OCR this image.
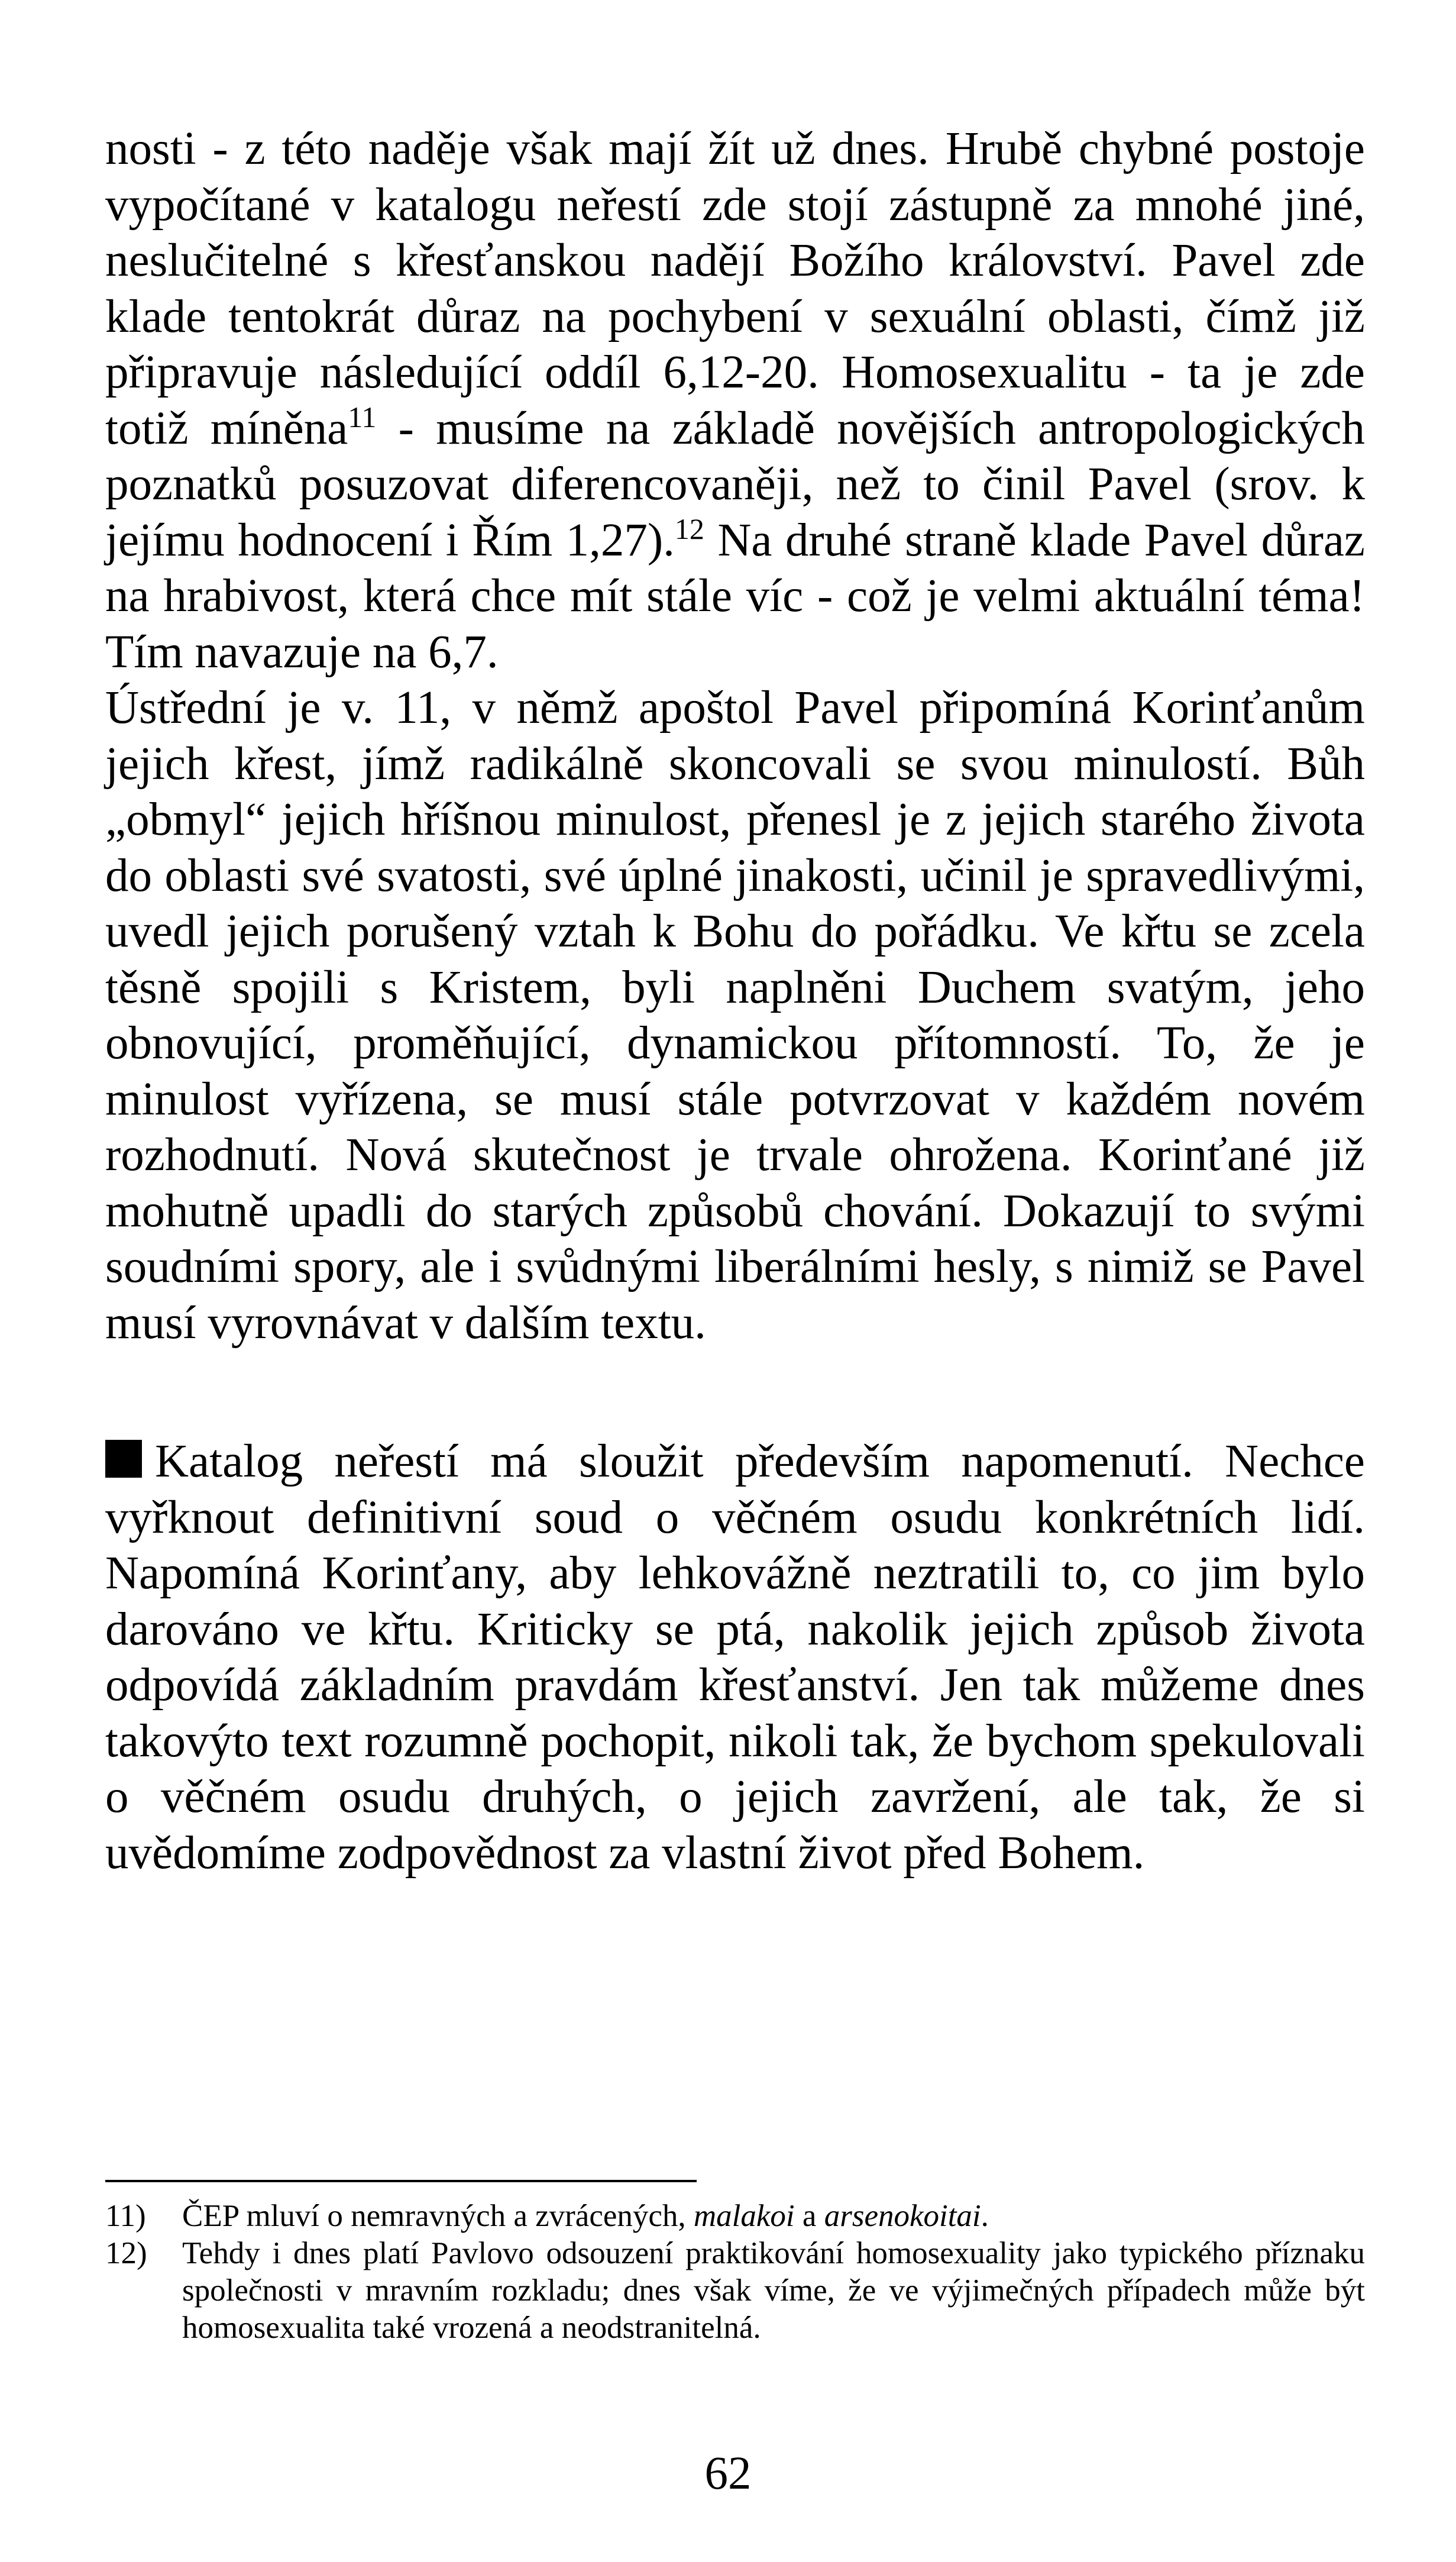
nosti - z této naděje však mají žít už dnes. Hrubě chybné postoje vypočítané v katalogu neřestí zde stojí zástupně za mnohé jiné, neslučitelné s křesťanskou nadějí Božího království. Pavel zde klade tentokrát důraz na pochybení v sexuální oblasti, čímž již připravuje následující oddíl 6,12-20. Homosexualitu - ta je zde totiž míněna$^{11}$ - musíme na základě novějších antropologických poznatků posuzovat diferencovaněji, než to činil Pavel (srov. k jejímu hodnocení i Řím 1,27).$^{12}$ Na druhé straně klade Pavel důraz na hrabivost, která chce mít stále víc - což je velmi aktuální téma! Tím navazuje na 6,7.

Ústřední je v. 11, v němž apoštol Pavel připomíná Korinťanům jejich křest, jímž radikálně skoncovali se svou minulostí. Bůh „obmyl“ jejich hříšnou minulost, přenesl je z jejich starého života do oblasti své svatosti, své úplné jinakosti, učinil je spravedlivými, uvedl jejich porušený vztah k Bohu do pořádku. Ve křtu se zcela těsně spojili s Kristem, byli naplněni Duchem svatým, jeho obnovující, proměňující, dynamickou přítomností. To, že je minulost vyřízena, se musí stále potvrzovat v každém novém rozhodnutí. Nová skutečnost je trvale ohrožena. Korinťané již mohutně upadli do starých způsobů chování. Dokazují to svými soudními spory, ale i svůdnými liberálními hesly, s nimiž se Pavel musí vyrovnávat v dalším textu.

Katalog neřestí má sloužit především napomenutí. Nechce vyřknout definitivní soud o věčném osudu konkrétních lidí. Napomíná Korinťany, aby lehkovážně neztratili to, co jim bylo darováno ve křtu. Kriticky se ptá, nakolik jejich způsob života odpovídá základním pravdám křesťanství. Jen tak můžeme dnes takovýto text rozumně pochopit, nikoli tak, že bychom spekulovali o věčném osudu druhých, o jejich zavržení, ale tak, že si uvědomíme zodpovědnost za vlastní život před Bohem.

11)	ČEP mluví o nemravných a zvrácených, malakoi a arsenokoitai.
12)	Tehdy i dnes platí Pavlovo odsouzení praktikování homosexuality jako typického příznaku společnosti v mravním rozkladu; dnes však víme, že ve výjimečných případech může být homosexualita také vrozená a neodstranitelná.
62
